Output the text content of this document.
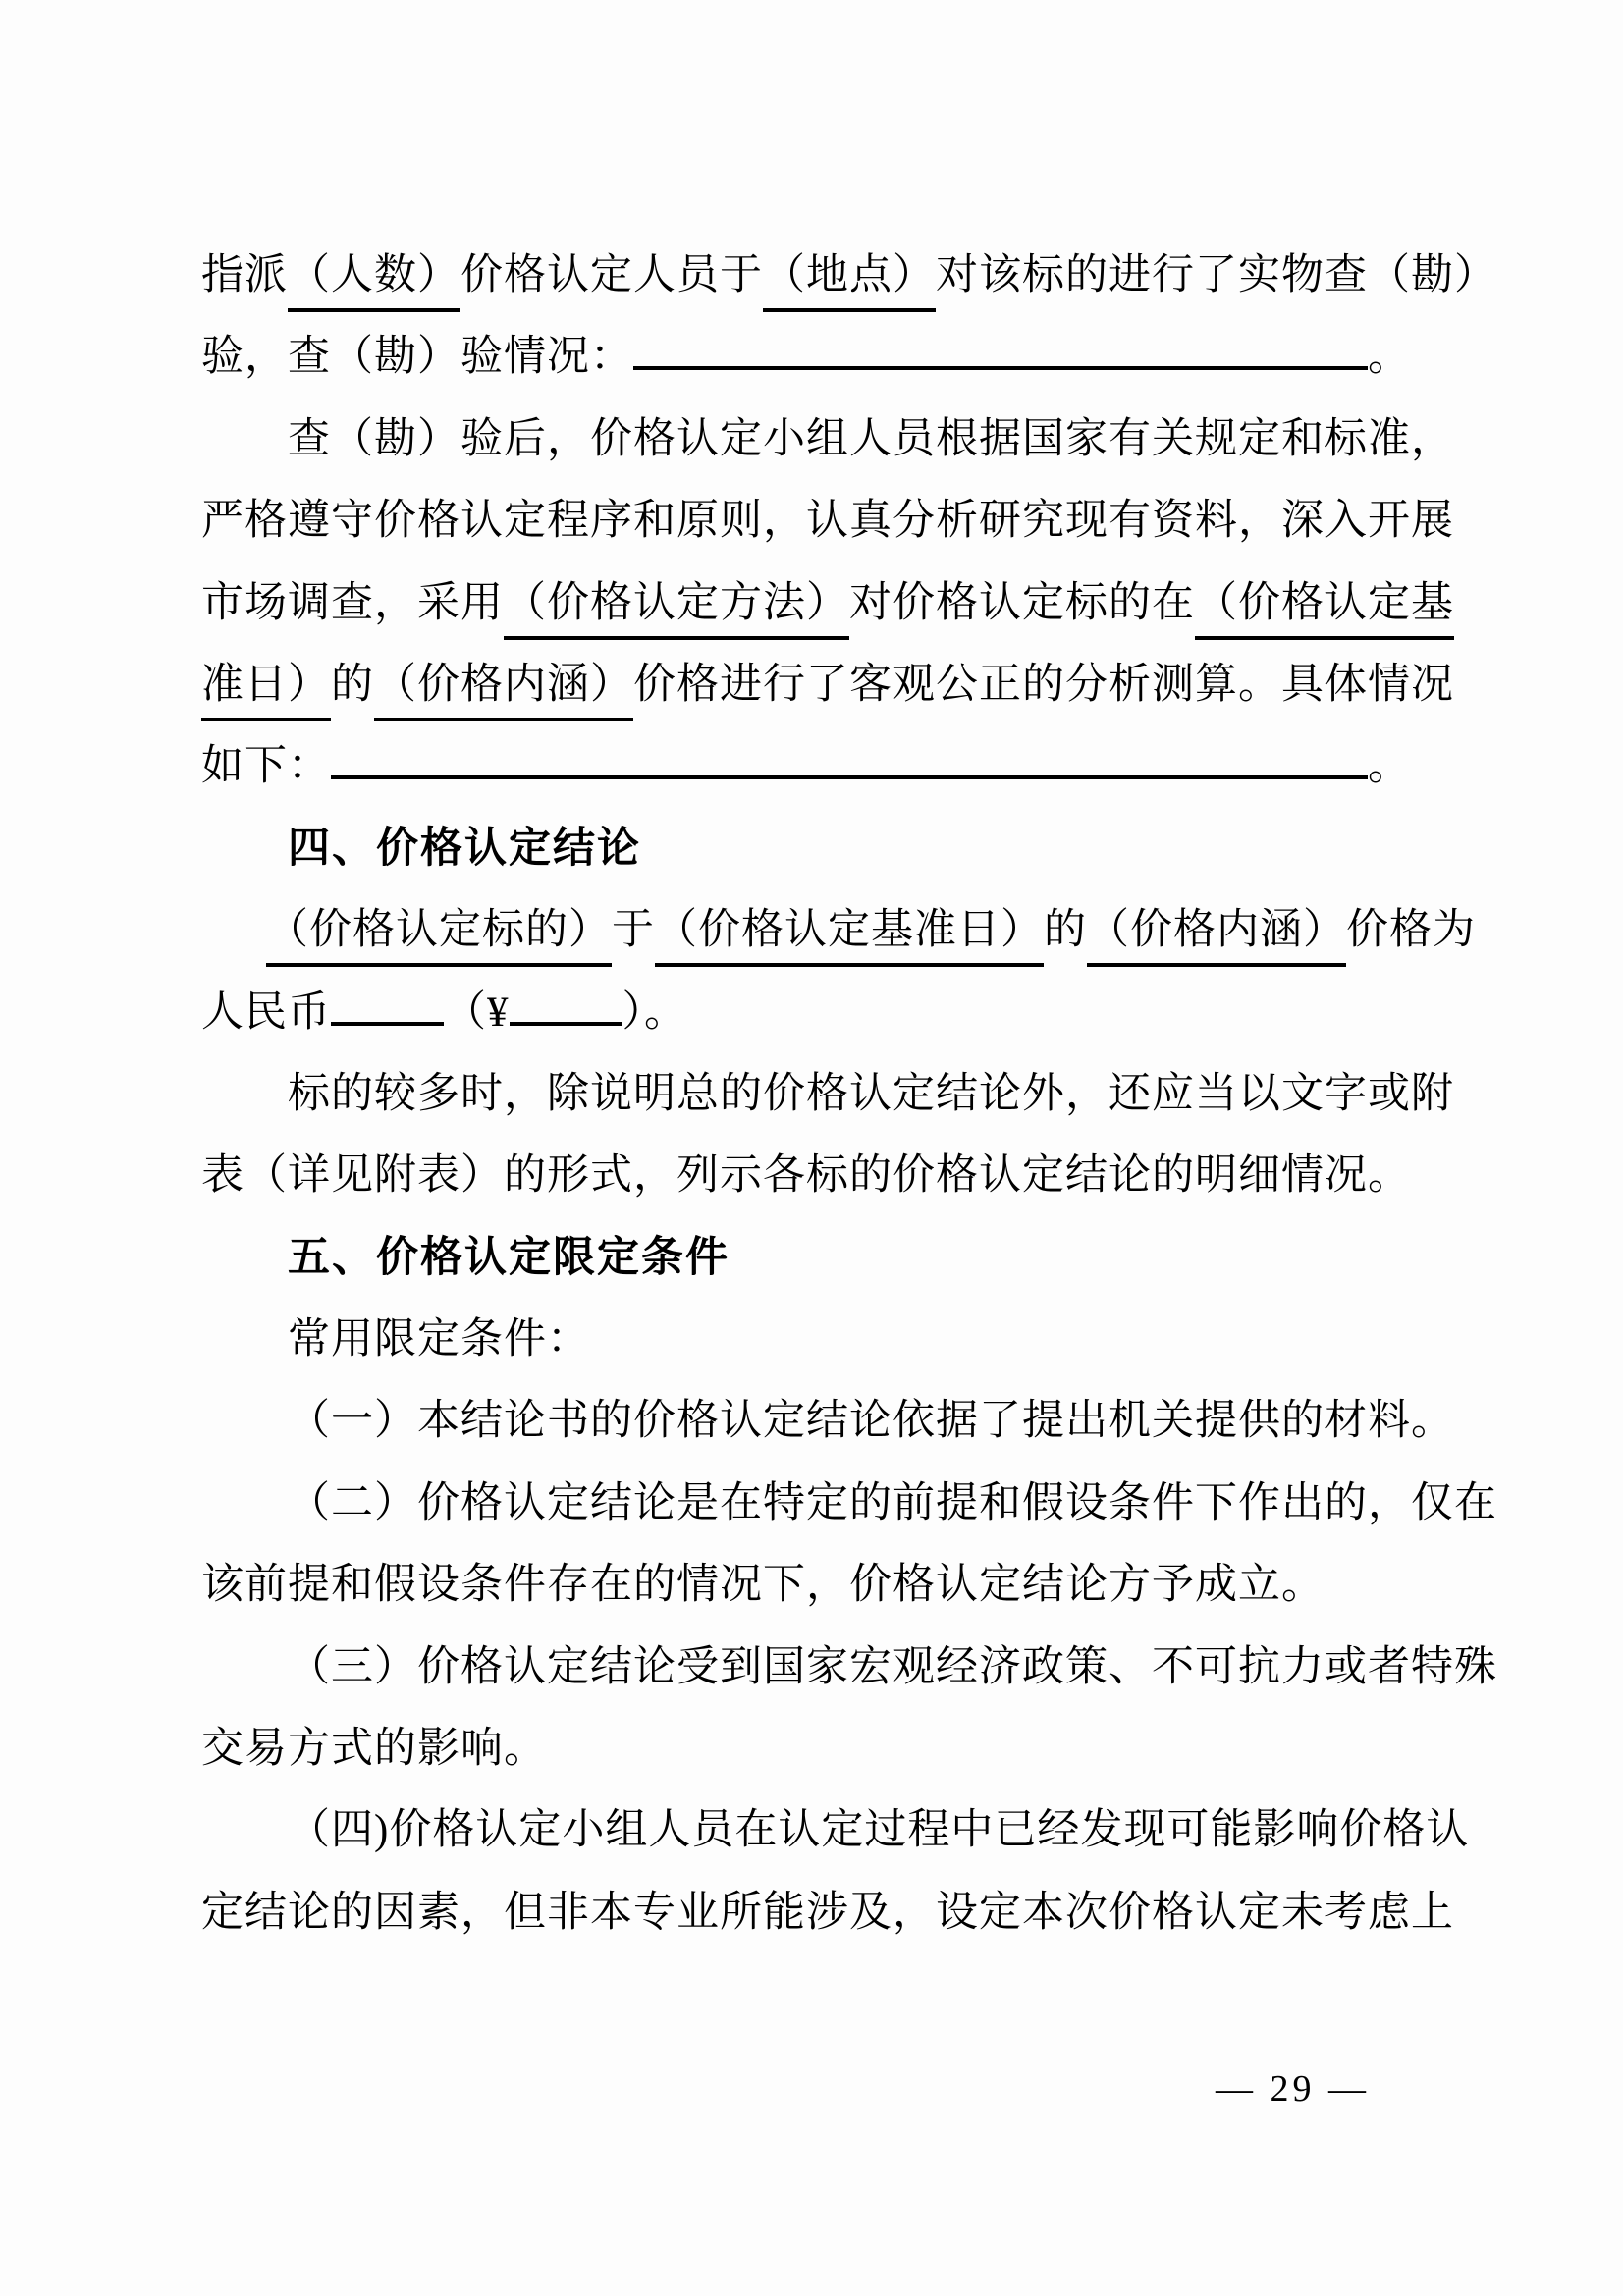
指派 （人数） 价格认定人员于 （地点） 对该标的进行了实物查（勘）
验，查（勘）验情况：	。
查（勘）验后，价格认定小组人员根据国家有关规定和标准，
严格遵守价格认定程序和原则，认真分析研究现有资料，深入开展
市场调查，采用 （价格认定方法） 对价格认定标的在 （价格认定基
准日） 的 （价格内涵） 价格进行了客观公正的分析测算。具体情况
如下：	。
四、价格认定结论
（价格认定标的） 于 （价格认定基准日） 的 （价格内涵） 价格为
人民币	（¥	）。
标的较多时，除说明总的价格认定结论外，还应当以文字或附
表（详见附表）的形式，列示各标的价格认定结论的明细情况。
五、价格认定限定条件
常用限定条件：
（一）本结论书的价格认定结论依据了提出机关提供的材料。
（二）价格认定结论是在特定的前提和假设条件下作出的，仅在
该前提和假设条件存在的情况下，价格认定结论方予成立。
（三）价格认定结论受到国家宏观经济政策、不可抗力或者特殊
交易方式的影响。
（四)价格认定小组人员在认定过程中已经发现可能影响价格认
定结论的因素，但非本专业所能涉及，设定本次价格认定未考虑上
— 29 —
